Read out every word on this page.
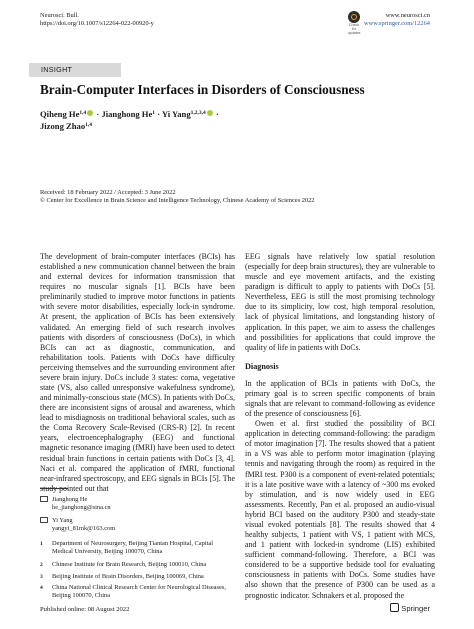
Neurosci. Bull.
https://doi.org/10.1007/s12264-022-00920-y	Check for
updates
www.neurosci.cn
www.springer.com/12264
INSIGHT
Brain-Computer Interfaces in Disorders of Consciousness
Qiheng He$^{1,4}$ · Jianghong $He^1 \cdot Yi$ Yang$^{1,2,3,4}$ ·
Jizong Zhao$^{1,4}$
Received: 18 February 2022 / Accepted: 3 June 2022
© Center for Excellence in Brain Science and Intelligence Technology, Chinese Academy of Sciences 2022

The development of brain-computer interfaces (BCIs) has established a new communication channel between the brain and external devices for information transmission that requires no muscular signals [1]. BCIs have been preliminarily studied to improve motor functions in patients with severe motor disabilities, especially lock-in syndrome. At present, the application of BCIs has been extensively validated. An emerging field of such research involves patients with disorders of consciousness (DoCs), in which BCIs can act as diagnostic, communication, and rehabilitation tools. Patients with DoCs have difficulty perceiving themselves and the surrounding environment after severe brain injury. DoCs include 3 states: coma, vegetative state (VS, also called unresponsive wakefulness syndrome), and minimally-conscious state (MCS). In patients with DoCs, there are inconsistent signs of arousal and awareness, which lead to misdiagnosis on traditional behavioral scales, such as the Coma Recovery Scale-Revised (CRS-R) [2]. In recent years, electroencephalography (EEG) and functional magnetic resonance imaging (fMRI) have been used to detect residual brain functions in certain patients with DoCs [3, 4]. Naci et al. compared the application of fMRI, functional near-infrared spectroscopy, and EEG signals in BCIs [5]. The study pointed out that

EEG signals have relatively low spatial resolution (especially for deep brain structures), they are vulnerable to muscle and eye movement artifacts, and the existing paradigm is difficult to apply to patients with DoCs [5]. Nevertheless, EEG is still the most promising technology due to its simplicity, low cost, high temporal resolution, lack of physical limitations, and longstanding history of application. In this paper, we aim to assess the challenges and possibilities for applications that could improve the quality of life in patients with DoCs.

Diagnosis

In the application of BCIs in patients with DoCs, the primary goal is to screen specific components of brain signals that are relevant to command-following as evidence of the presence of consciousness [6].

Owen et al. first studied the possibility of BCI application in detecting command-following: the paradigm of motor imagination [7]. The results showed that a patient in a VS was able to perform motor imagination (playing tennis and navigating through the room) as required in the fMRI test. P300 is a component of event-related potentials; it is a late positive wave with a latency of ~300 ms evoked by stimulation, and is now widely used in EEG assessments. Recently, Pan et al. proposed an audio-visual hybrid BCI based on the auditory P300 and steady-state visual evoked potentials [8]. The results showed that 4 healthy subjects, 1 patient with VS, 1 patient with MCS, and 1 patient with locked-in syndrome (LIS) exhibited sufficient command-following. Therefore, a BCI was considered to be a supportive bedside tool for evaluating consciousness in patients with DoCs. Some studies have also shown that the presence of P300 can be used as a prognostic indicator. Schnakers et al. proposed the

Jianghong He
he_jianghong@sina.cn
Yi Yang
yangyi_81mk@163.com
1	Department of Neurosurgery, Beijing Tiantan Hospital, Capital Medical University, Beijing 100070, China
2	Chinese Institute for Brain Research, Beijing 100010, China
3	Beijing Institute of Brain Disorders, Beijing 100069, China
4	China National Clinical Research Center for Neurological Diseases, Beijing 100070, China
Published online: 08 August 2022	Springer
